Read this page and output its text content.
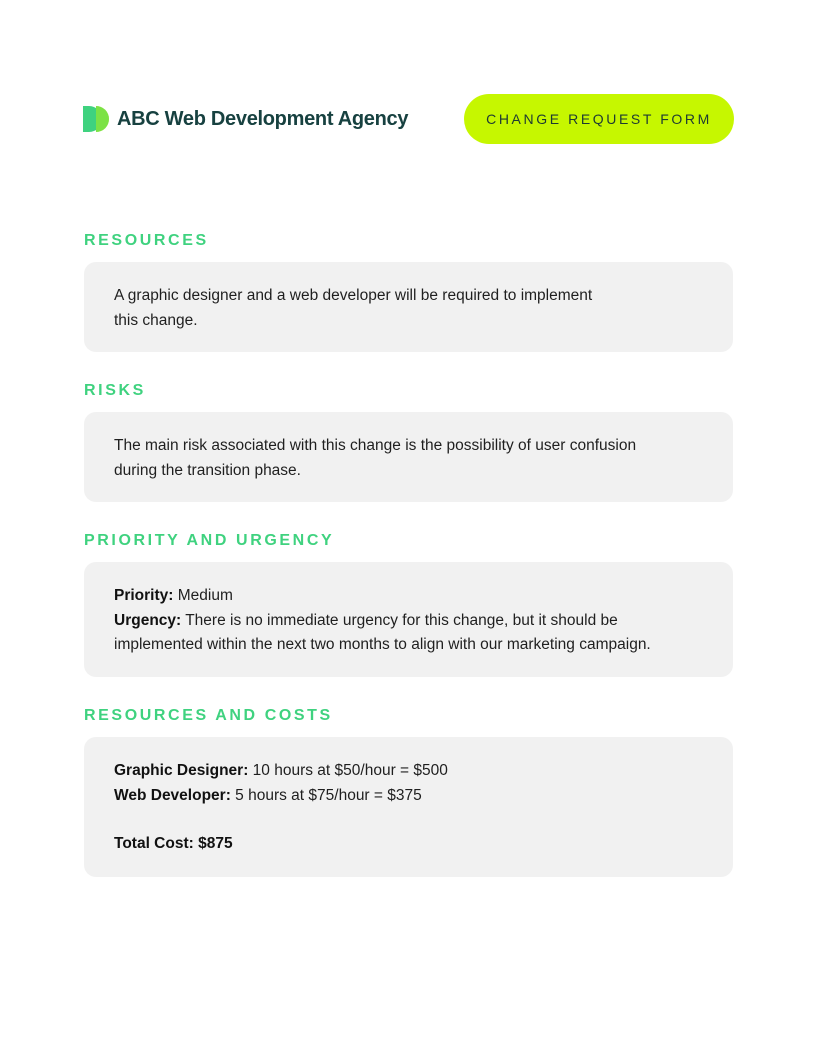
ABC Web Development Agency	CHANGE REQUEST FORM
RESOURCES

A graphic designer and a web developer will be required to implement

this change.

RISKS

The main risk associated with this change is the possibility of user confusion

during the transition phase.

PRIORITY AND URGENCY

Priority: Medium

Urgency: There is no immediate urgency for this change, but it should be

implemented within the next two months to align with our marketing campaign.

RESOURCES AND COSTS

Graphic Designer: 10 hours at $50/hour = $500

Web Developer: 5 hours at $75/hour = $375

Total Cost: $875
